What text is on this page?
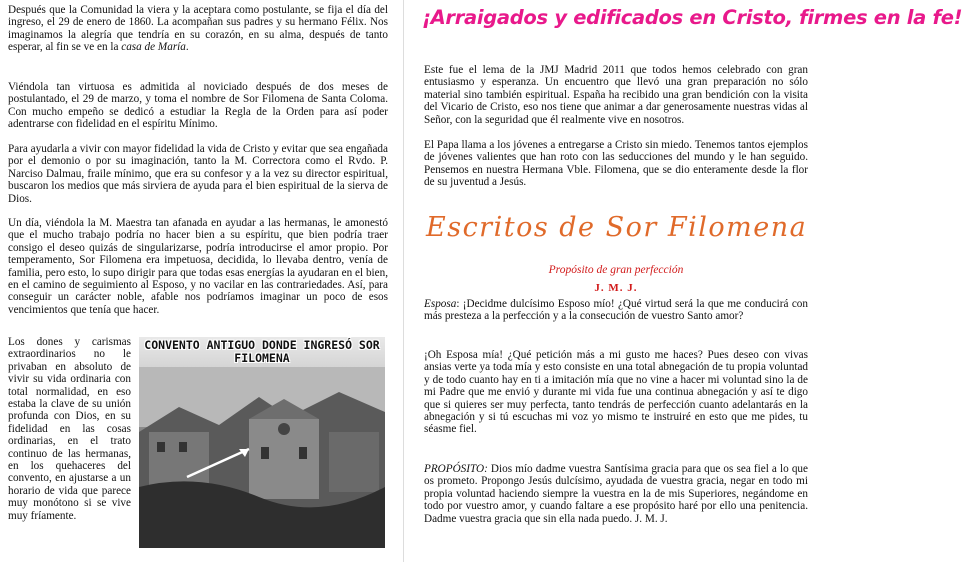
Después que la Comunidad la viera y la aceptara como postulante, se fija el día del ingreso, el 29 de enero de 1860. La acompañan sus padres y su hermano Félix. Nos imaginamos la alegría que tendría en su corazón, en su alma, después de tanto esperar, al fin se ve en la casa de María.

Viéndola tan virtuosa es admitida al noviciado después de dos meses de postulantado, el 29 de marzo, y toma el nombre de Sor Filomena de Santa Coloma. Con mucho empeño se dedicó a estudiar la Regla de la Orden para así poder adentrarse con fidelidad en el espíritu Mínimo.

Para ayudarla a vivir con mayor fidelidad la vida de Cristo y evitar que sea engañada por el demonio o por su imaginación, tanto la M. Correctora como el Rvdo. P. Narciso Dalmau, fraile mínimo, que era su confesor y a la vez su director espiritual, buscaron los medios que más sirviera de ayuda para el bien espiritual de la sierva de Dios.

Un día, viéndola la M. Maestra tan afanada en ayudar a las hermanas, le amonestó que el mucho trabajo podría no hacer bien a su espíritu, que bien podría traer consigo el deseo quizás de singularizarse, podría introducirse el amor propio. Por temperamento, Sor Filomena era impetuosa, decidida, lo llevaba dentro, venía de familia, pero esto, lo supo dirigir para que todas esas energías la ayudaran en el bien, en el camino de seguimiento al Esposo, y no vacilar en las contrariedades. Así, para conseguir un carácter noble, afable nos podríamos imaginar un poco de esos vencimientos que tenía que hacer.

Los dones y carismas extraordinarios no le privaban en absoluto de vivir su vida ordinaria con total normalidad, en eso estaba la clave de su unión profunda con Dios, en su fidelidad en las cosas ordinarias, en el trato continuo de las hermanas, en los quehaceres del convento, en ajustarse a un horario de vida que parece muy monótono si se vive muy fríamente.

CONVENTO ANTIGUO DONDE INGRESÓ SOR FILOMENA
¡Arraigados y edificados en Cristo, firmes en la fe!

Este fue el lema de la JMJ Madrid 2011 que todos hemos celebrado con gran entusiasmo y esperanza. Un encuentro que llevó una gran preparación no sólo material sino también espiritual. España ha recibido una gran bendición con la visita del Vicario de Cristo, eso nos tiene que animar a dar generosamente nuestras vidas al Señor, con la seguridad que él realmente vive en nosotros.

El Papa llama a los jóvenes a entregarse a Cristo sin miedo. Tenemos tantos ejemplos de jóvenes valientes que han roto con las seducciones del mundo y le han seguido. Pensemos en nuestra Hermana Vble. Filomena, que se dio enteramente desde la flor de su juventud a Jesús.

Escritos de Sor Filomena
Propósito de gran perfección
J. M. J.

Esposa: ¡Decidme dulcísimo Esposo mío! ¿Qué virtud será la que me conducirá con más presteza a la perfección y a la consecución de vuestro Santo amor?

¡Oh Esposa mía! ¿Qué petición más a mi gusto me haces? Pues deseo con vivas ansias verte ya toda mía y esto consiste en una total abnegación de tu propia voluntad y de todo cuanto hay en ti a imitación mía que no vine a hacer mi voluntad sino la de mi Padre que me envió y durante mi vida fue una continua abnegación y así te digo que si quieres ser muy perfecta, tanto tendrás de perfección cuanto adelantarás en la abnegación y si tú escuchas mi voz yo mismo te instruiré en esto que me pides, tu séasme fiel.

PROPÓSITO: Dios mío dadme vuestra Santísima gracia para que os sea fiel a lo que os prometo. Propongo Jesús dulcísimo, ayudada de vuestra gracia, negar en todo mi propia voluntad haciendo siempre la vuestra en la de mis Superiores, negándome en todo por vuestro amor, y cuando faltare a ese propósito haré por ello una penitencia. Dadme vuestra gracia que sin ella nada puedo. J. M. J.
